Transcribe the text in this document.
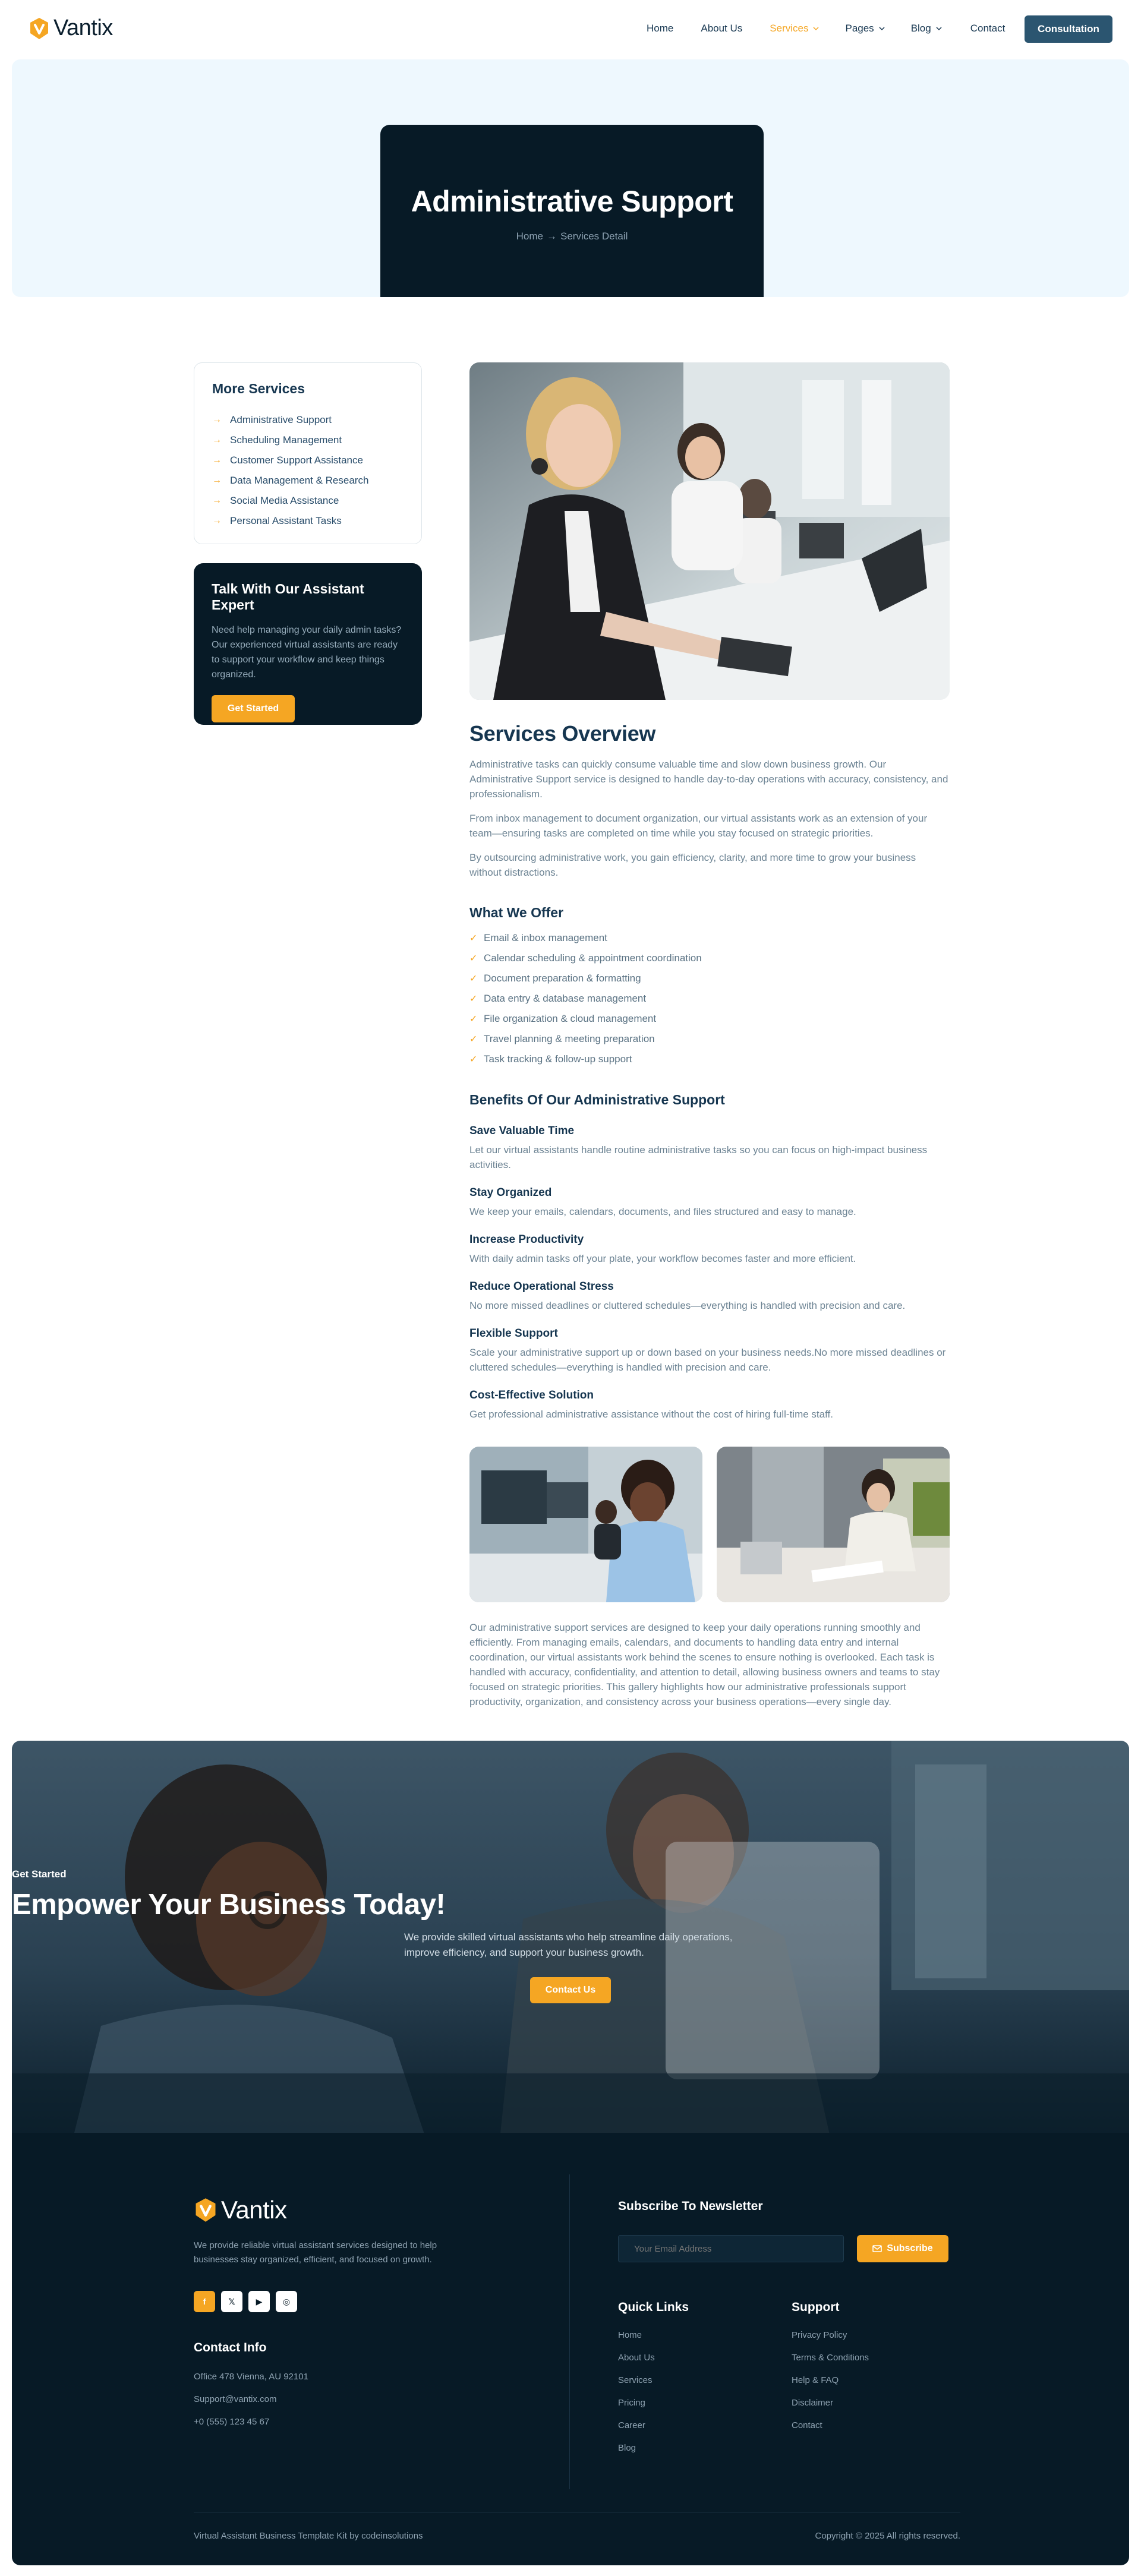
Vantix	Home	About Us	Services	Pages	Blog	Contact	Consultation
Administrative Support
Home → Services Detail
More Services
→ Administrative Support
→ Scheduling Management
→ Customer Support Assistance
→ Data Management & Research
→ Social Media Assistance
→ Personal Assistant Tasks
Talk With Our Assistant Expert

Need help managing your daily admin tasks? Our experienced virtual assistants are ready to support your workflow and keep things organized.

Get Started
Services Overview

Administrative tasks can quickly consume valuable time and slow down business growth. Our Administrative Support service is designed to handle day-to-day operations with accuracy, consistency, and professionalism.

From inbox management to document organization, our virtual assistants work as an extension of your team—ensuring tasks are completed on time while you stay focused on strategic priorities.

By outsourcing administrative work, you gain efficiency, clarity, and more time to grow your business without distractions.

What We Offer
✓ Email & inbox management
✓ Calendar scheduling & appointment coordination
✓ Document preparation & formatting
✓ Data entry & database management
✓ File organization & cloud management
✓ Travel planning & meeting preparation
✓ Task tracking & follow-up support
Benefits Of Our Administrative Support
Save Valuable Time

Let our virtual assistants handle routine administrative tasks so you can focus on high-impact business activities.

Stay Organized

We keep your emails, calendars, documents, and files structured and easy to manage.

Increase Productivity

With daily admin tasks off your plate, your workflow becomes faster and more efficient.

Reduce Operational Stress

No more missed deadlines or cluttered schedules—everything is handled with precision and care.

Flexible Support

Scale your administrative support up or down based on your business needs.No more missed deadlines or cluttered schedules—everything is handled with precision and care.

Cost-Effective Solution

Get professional administrative assistance without the cost of hiring full-time staff.

Our administrative support services are designed to keep your daily operations running smoothly and efficiently. From managing emails, calendars, and documents to handling data entry and internal coordination, our virtual assistants work behind the scenes to ensure nothing is overlooked. Each task is handled with accuracy, confidentiality, and attention to detail, allowing business owners and teams to stay focused on strategic priorities. This gallery highlights how our administrative professionals support productivity, organization, and consistency across your business operations—every single day.

Get Started
Empower Your Business Today!

We provide skilled virtual assistants who help streamline daily operations, improve efficiency, and support your business growth.

Contact Us
Vantix

We provide reliable virtual assistant services designed to help businesses stay organized, efficient, and focused on growth.

f	𝕏	▶	◎
Contact Info
Office 478 Vienna, AU 92101
Support@vantix.com
+0 (555) 123 45 67
Subscribe To Newsletter
Your Email Address
Subscribe
Quick Links
Home
About Us
Services
Pricing
Career
Blog
Support
Privacy Policy
Terms & Conditions
Help & FAQ
Disclaimer
Contact
Virtual Assistant Business Template Kit by codeinsolutions	Copyright © 2025 All rights reserved.
